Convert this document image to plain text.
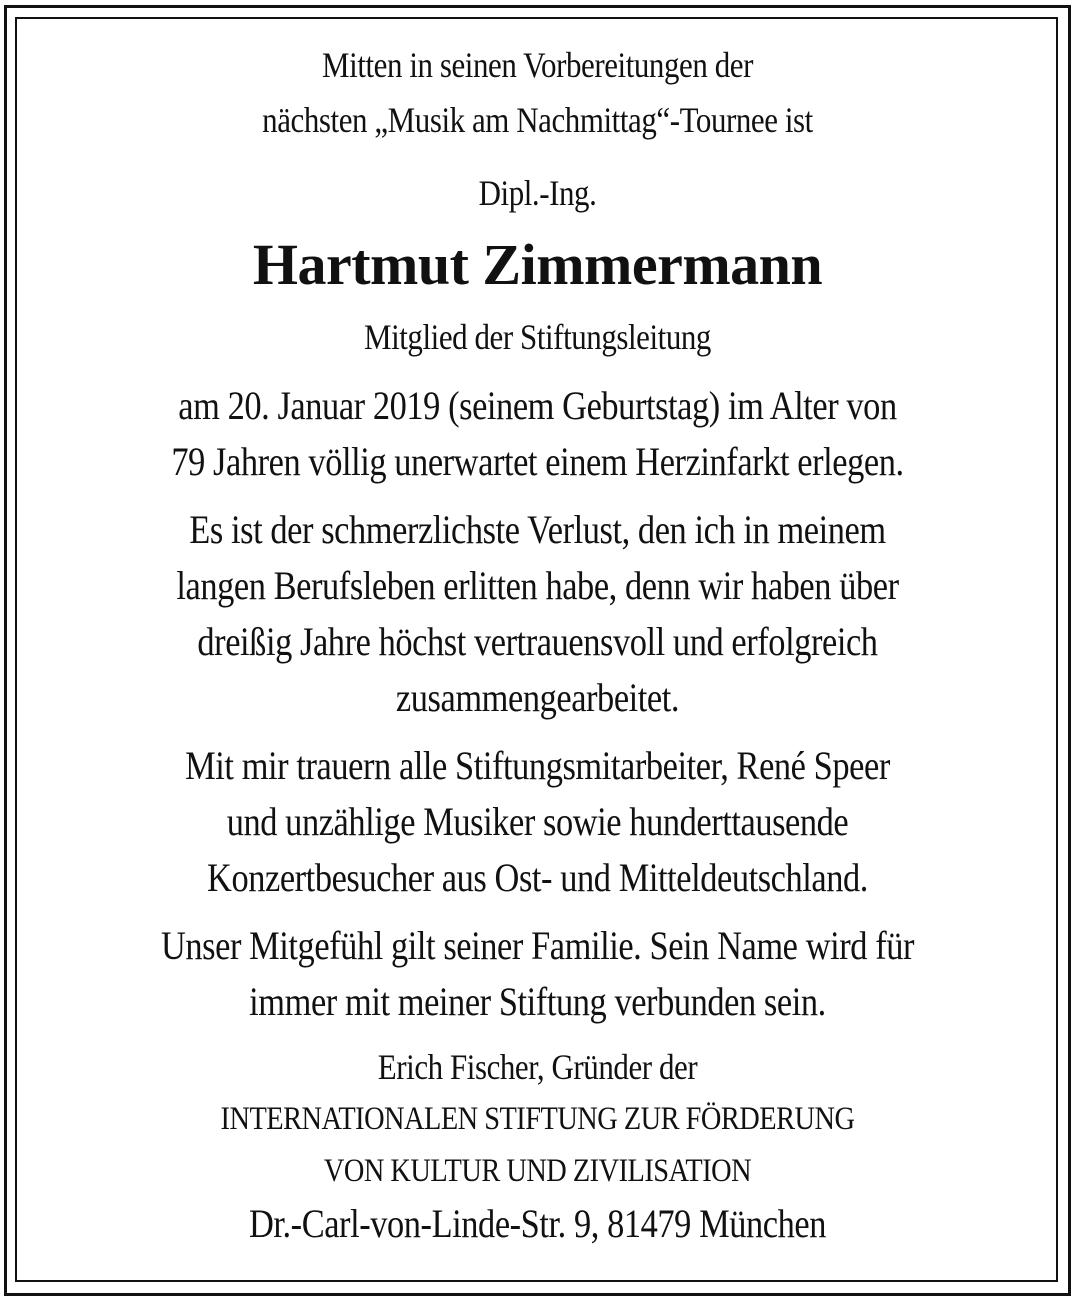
Mitten in seinen Vorbereitungen der
nächsten „Musik am Nachmittag“-Tournee ist
Dipl.-Ing.
Hartmut Zimmermann
Mitglied der Stiftungsleitung
am 20. Januar 2019 (seinem Geburtstag) im Alter von
79 Jahren völlig unerwartet einem Herzinfarkt erlegen.
Es ist der schmerzlichste Verlust, den ich in meinem
langen Berufsleben erlitten habe, denn wir haben über
dreißig Jahre höchst vertrauensvoll und erfolgreich
zusammengearbeitet.
Mit mir trauern alle Stiftungsmitarbeiter, René Speer
und unzählige Musiker sowie hunderttausende
Konzertbesucher aus Ost- und Mitteldeutschland.
Unser Mitgefühl gilt seiner Familie. Sein Name wird für
immer mit meiner Stiftung verbunden sein.
Erich Fischer, Gründer der
INTERNATIONALEN STIFTUNG ZUR FÖRDERUNG
VON KULTUR UND ZIVILISATION
Dr.-Carl-von-Linde-Str. 9, 81479 München
